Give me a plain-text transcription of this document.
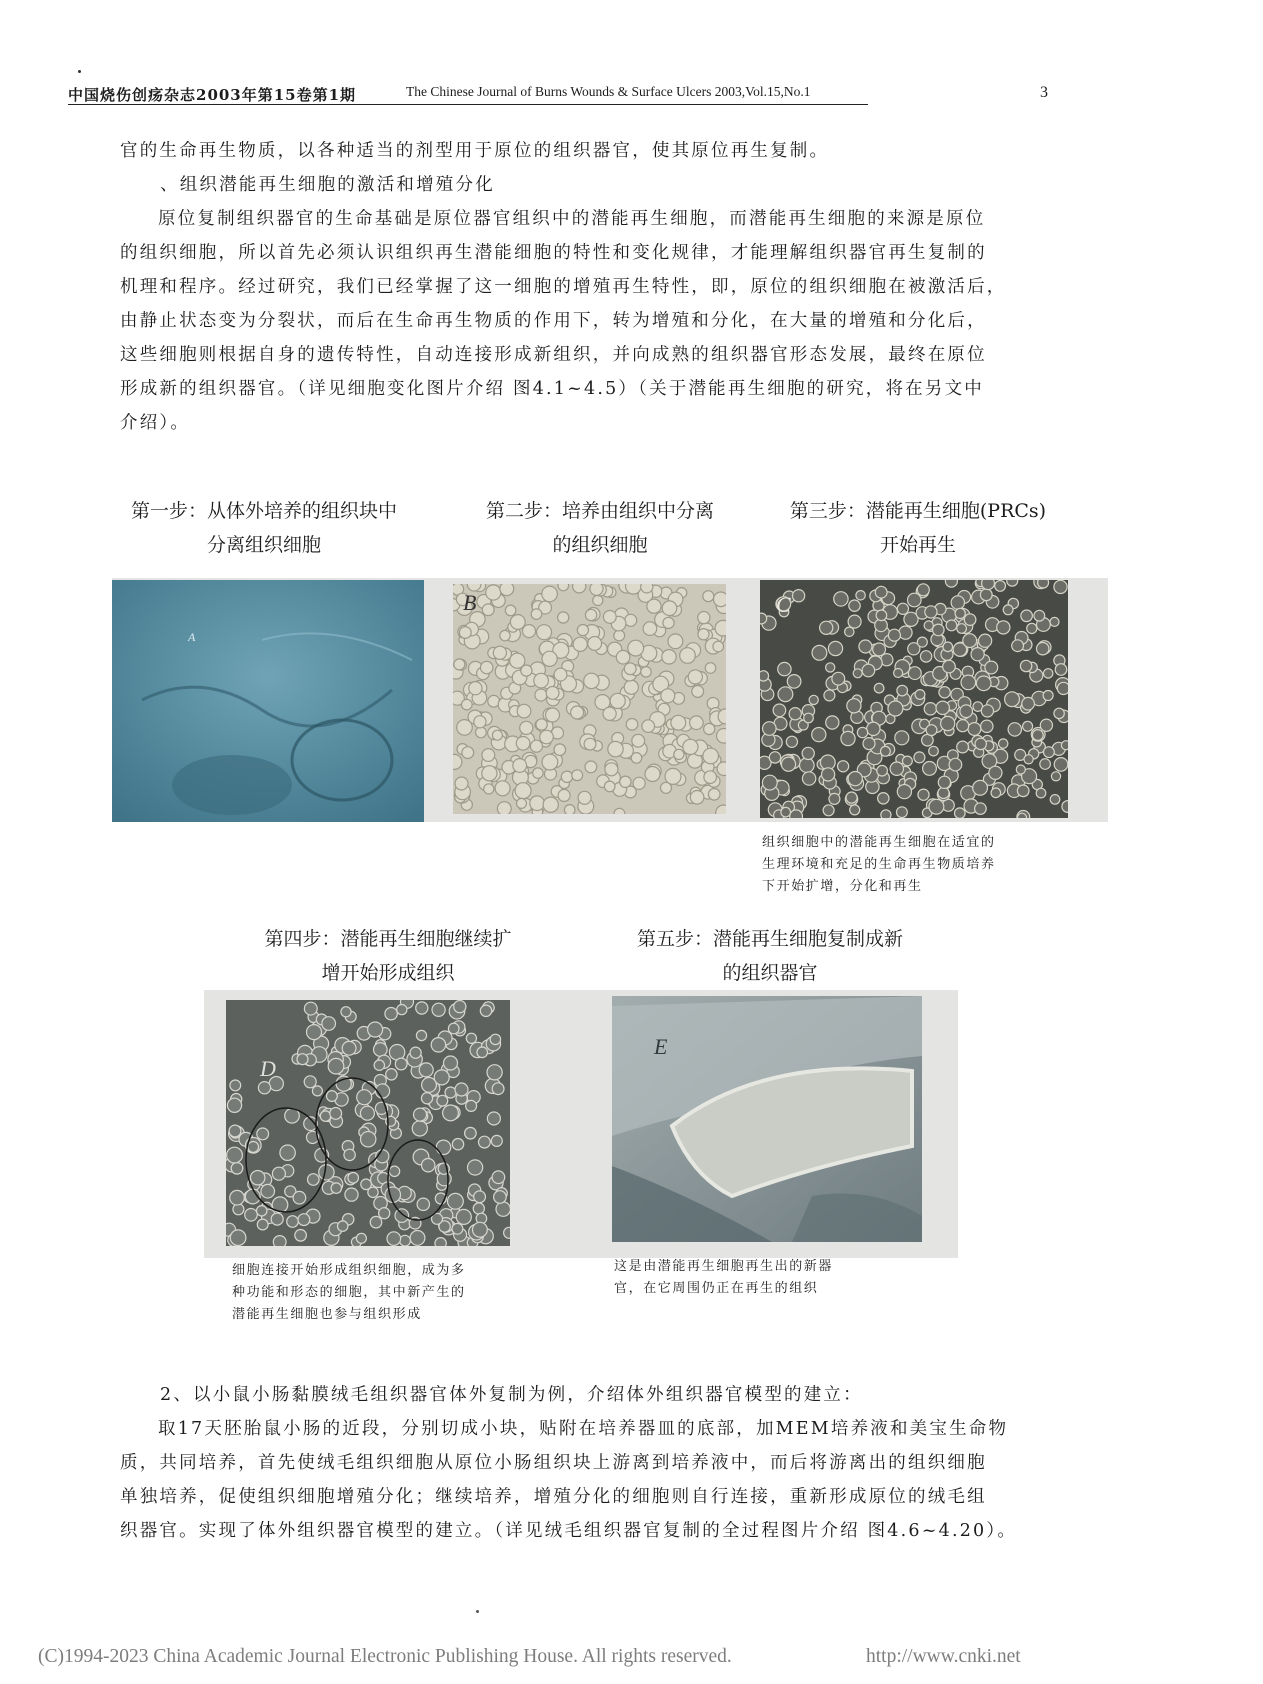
中国烧伤创疡杂志2003年第15卷第1期	The Chinese Journal of Burns Wounds & Surface Ulcers 2003,Vol.15,No.1	3
官的生命再生物质，以各种适当的剂型用于原位的组织器官，使其原位再生复制。
、组织潜能再生细胞的激活和增殖分化
原位复制组织器官的生命基础是原位器官组织中的潜能再生细胞，而潜能再生细胞的来源是原位
的组织细胞，所以首先必须认识组织再生潜能细胞的特性和变化规律，才能理解组织器官再生复制的
机理和程序。经过研究，我们已经掌握了这一细胞的增殖再生特性，即，原位的组织细胞在被激活后，
由静止状态变为分裂状，而后在生命再生物质的作用下，转为增殖和分化，在大量的增殖和分化后，
这些细胞则根据自身的遗传特性，自动连接形成新组织，并向成熟的组织器官形态发展，最终在原位
形成新的组织器官。（详见细胞变化图片介绍 图4.1~4.5）（关于潜能再生细胞的研究，将在另文中
介绍）。
第一步：从体外培养的组织块中
分离组织细胞
第二步：培养由组织中分离
的组织细胞
第三步：潜能再生细胞(PRCs)
开始再生
A
B	C
组织细胞中的潜能再生细胞在适宜的
生理环境和充足的生命再生物质培养
下开始扩增，分化和再生
第四步：潜能再生细胞继续扩
增开始形成组织
第五步：潜能再生细胞复制成新
的组织器官
D
E
细胞连接开始形成组织细胞，成为多
种功能和形态的细胞，其中新产生的
潜能再生细胞也参与组织形成
这是由潜能再生细胞再生出的新器
官，在它周围仍正在再生的组织
2、以小鼠小肠黏膜绒毛组织器官体外复制为例，介绍体外组织器官模型的建立：
取17天胚胎鼠小肠的近段，分别切成小块，贴附在培养器皿的底部，加MEM培养液和美宝生命物
质，共同培养，首先使绒毛组织细胞从原位小肠组织块上游离到培养液中，而后将游离出的组织细胞
单独培养，促使组织细胞增殖分化；继续培养，增殖分化的细胞则自行连接，重新形成原位的绒毛组
织器官。实现了体外组织器官模型的建立。（详见绒毛组织器官复制的全过程图片介绍 图4.6~4.20）。
(C)1994-2023 China Academic Journal Electronic Publishing House. All rights reserved.	http://www.cnki.net
